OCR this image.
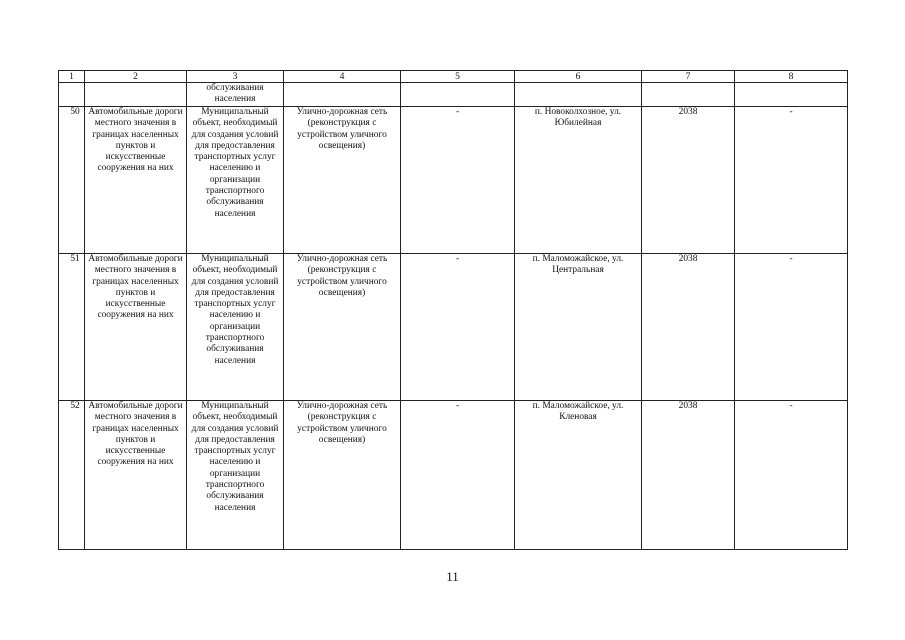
1	2	3	4	5	6	7	8
		обслуживания населения					
50	Автомобильные дороги местного значения в границах населенных пунктов и искусственные сооружения на них	Муниципальный объект, необходимый для создания условий для предоставления транспортных услуг населению и организации транспортного обслуживания населения	Улично-дорожная сеть (реконструкция с устройством уличного освещения)	-	п. Новоколхозное, ул. Юбилейная	2038	-
51	Автомобильные дороги местного значения в границах населенных пунктов и искусственные сооружения на них	Муниципальный объект, необходимый для создания условий для предоставления транспортных услуг населению и организации транспортного обслуживания населения	Улично-дорожная сеть (реконструкция с устройством уличного освещения)	-	п. Маломожайское, ул. Центральная	2038	-
52	Автомобильные дороги местного значения в границах населенных пунктов и искусственные сооружения на них	Муниципальный объект, необходимый для создания условий для предоставления транспортных услуг населению и организации транспортного обслуживания населения	Улично-дорожная сеть (реконструкция с устройством уличного освещения)	-	п. Маломожайское, ул. Кленовая	2038	-
11
